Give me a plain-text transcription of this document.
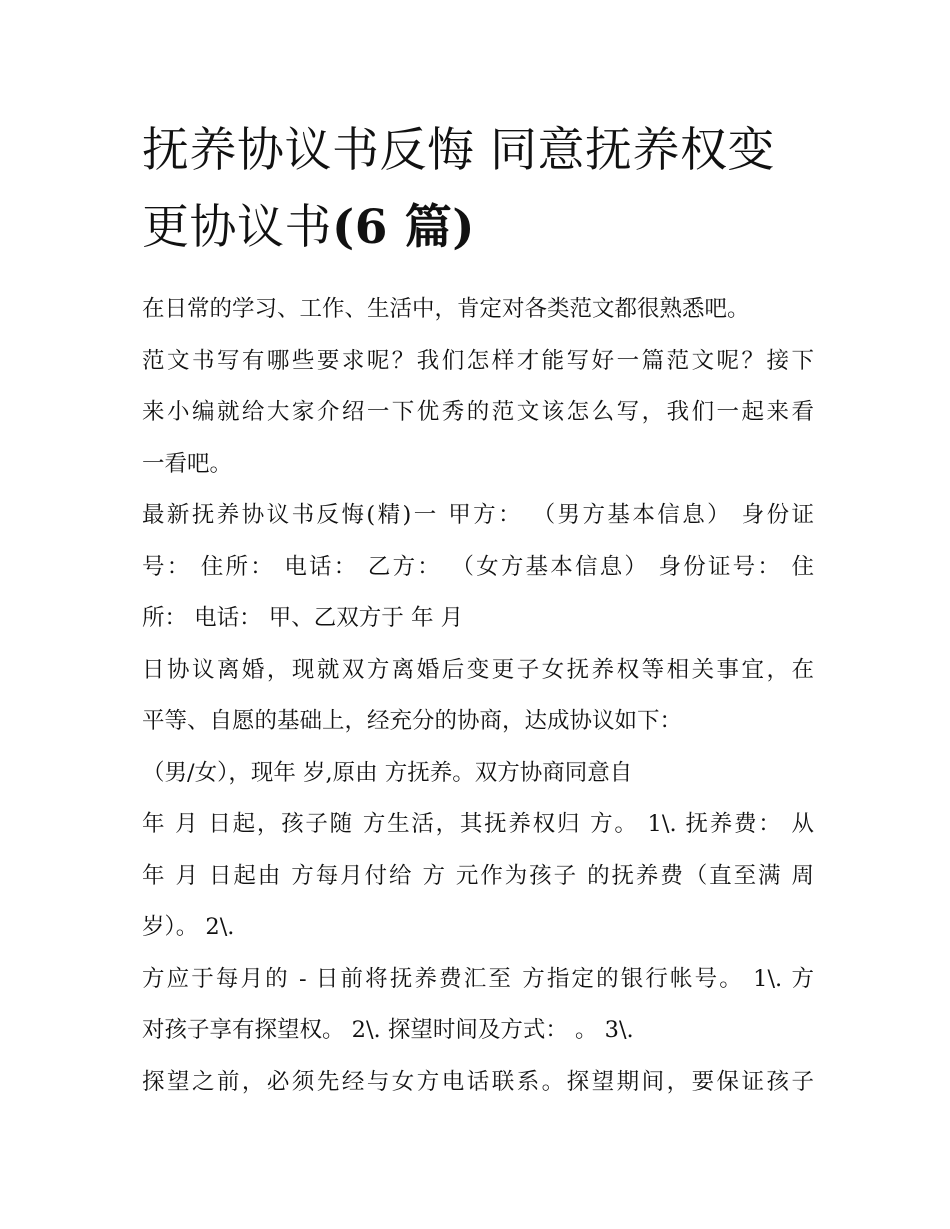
抚养协议书反悔 同意抚养权变
更协议书(6 篇)
在日常的学习、工作、生活中，肯定对各类范文都很熟悉吧。
范文书写有哪些要求呢？我们怎样才能写好一篇范文呢？接下
来小编就给大家介绍一下优秀的范文该怎么写，我们一起来看
一看吧。
最新抚养协议书反悔(精)一 甲方： （男方基本信息） 身份证
号： 住所： 电话： 乙方： （女方基本信息） 身份证号： 住
所： 电话： 甲、乙双方于 年 月
日协议离婚，现就双方离婚后变更子女抚养权等相关事宜，在
平等、自愿的基础上，经充分的协商，达成协议如下：
（男/女），现年 岁,原由 方抚养。双方协商同意自
年 月 日起，孩子随 方生活，其抚养权归 方。 1\. 抚养费： 从
年 月 日起由 方每月付给 方 元作为孩子 的抚养费（直至满 周
岁）。 2\.
方应于每月的 - 日前将抚养费汇至 方指定的银行帐号。 1\. 方
对孩子享有探望权。 2\. 探望时间及方式： 。 3\.
探望之前，必须先经与女方电话联系。探望期间，要保证孩子
